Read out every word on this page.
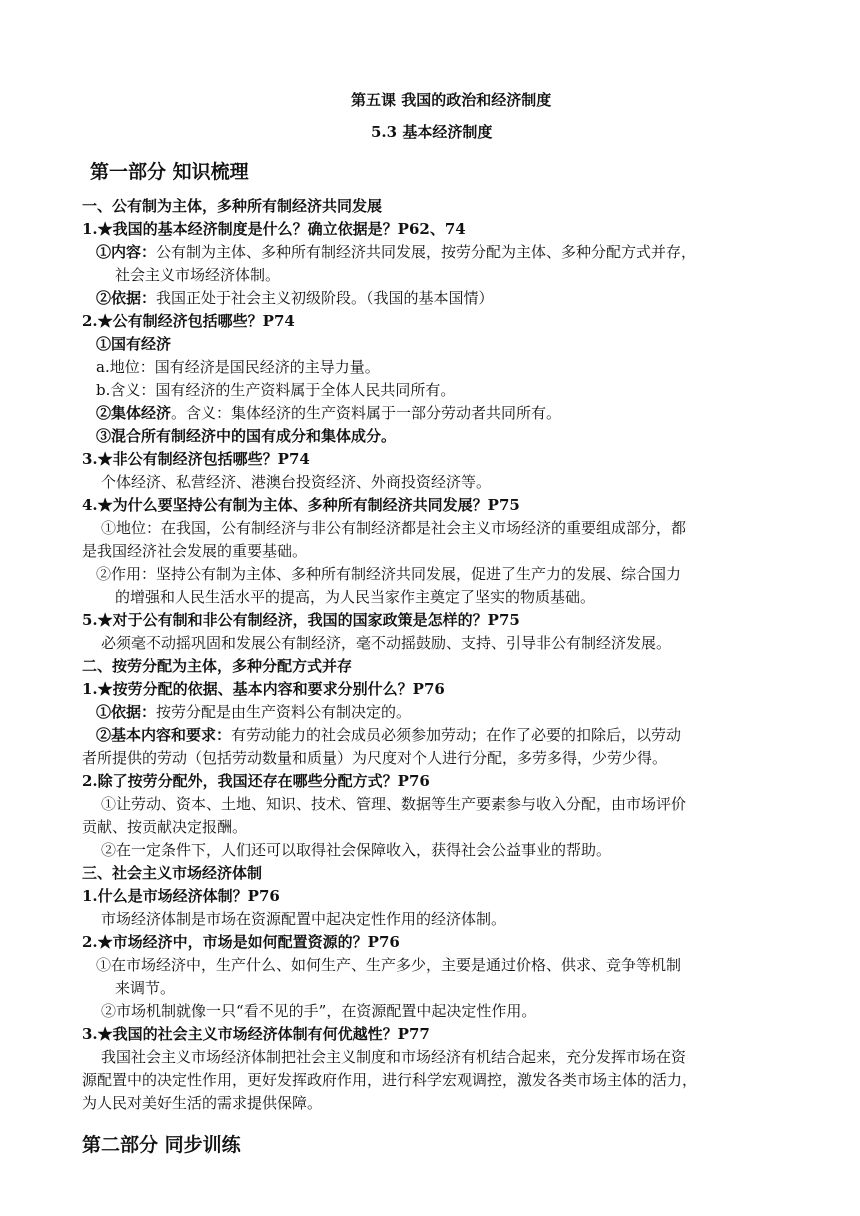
第五课 我国的政治和经济制度
5.3 基本经济制度
第一部分 知识梳理
一、公有制为主体，多种所有制经济共同发展
1.★我国的基本经济制度是什么？确立依据是？P62、74
①内容：公有制为主体、多种所有制经济共同发展，按劳分配为主体、多种分配方式并存，
社会主义市场经济体制。
②依据：我国正处于社会主义初级阶段。（我国的基本国情）
2.★公有制经济包括哪些？P74
①国有经济
a.地位：国有经济是国民经济的主导力量。
b.含义：国有经济的生产资料属于全体人民共同所有。
②集体经济。含义：集体经济的生产资料属于一部分劳动者共同所有。
③混合所有制经济中的国有成分和集体成分。
3.★非公有制经济包括哪些？P74
个体经济、私营经济、港澳台投资经济、外商投资经济等。
4.★为什么要坚持公有制为主体、多种所有制经济共同发展？P75
①地位：在我国，公有制经济与非公有制经济都是社会主义市场经济的重要组成部分，都
是我国经济社会发展的重要基础。
②作用：坚持公有制为主体、多种所有制经济共同发展，促进了生产力的发展、综合国力
的增强和人民生活水平的提高，为人民当家作主奠定了坚实的物质基础。
5.★对于公有制和非公有制经济，我国的国家政策是怎样的？P75
必须毫不动摇巩固和发展公有制经济，毫不动摇鼓励、支持、引导非公有制经济发展。
二、按劳分配为主体，多种分配方式并存
1.★按劳分配的依据、基本内容和要求分别什么？P76
①依据：按劳分配是由生产资料公有制决定的。
②基本内容和要求：有劳动能力的社会成员必须参加劳动；在作了必要的扣除后，以劳动
者所提供的劳动（包括劳动数量和质量）为尺度对个人进行分配，多劳多得，少劳少得。
2.除了按劳分配外，我国还存在哪些分配方式？P76
①让劳动、资本、土地、知识、技术、管理、数据等生产要素参与收入分配，由市场评价
贡献、按贡献决定报酬。
②在一定条件下，人们还可以取得社会保障收入，获得社会公益事业的帮助。
三、社会主义市场经济体制
1.什么是市场经济体制？P76
市场经济体制是市场在资源配置中起决定性作用的经济体制。
2.★市场经济中，市场是如何配置资源的？P76
①在市场经济中，生产什么、如何生产、生产多少，主要是通过价格、供求、竞争等机制
来调节。
②市场机制就像一只“看不见的手”，在资源配置中起决定性作用。
3.★我国的社会主义市场经济体制有何优越性？P77
我国社会主义市场经济体制把社会主义制度和市场经济有机结合起来，充分发挥市场在资
源配置中的决定性作用，更好发挥政府作用，进行科学宏观调控，激发各类市场主体的活力，
为人民对美好生活的需求提供保障。
第二部分 同步训练
